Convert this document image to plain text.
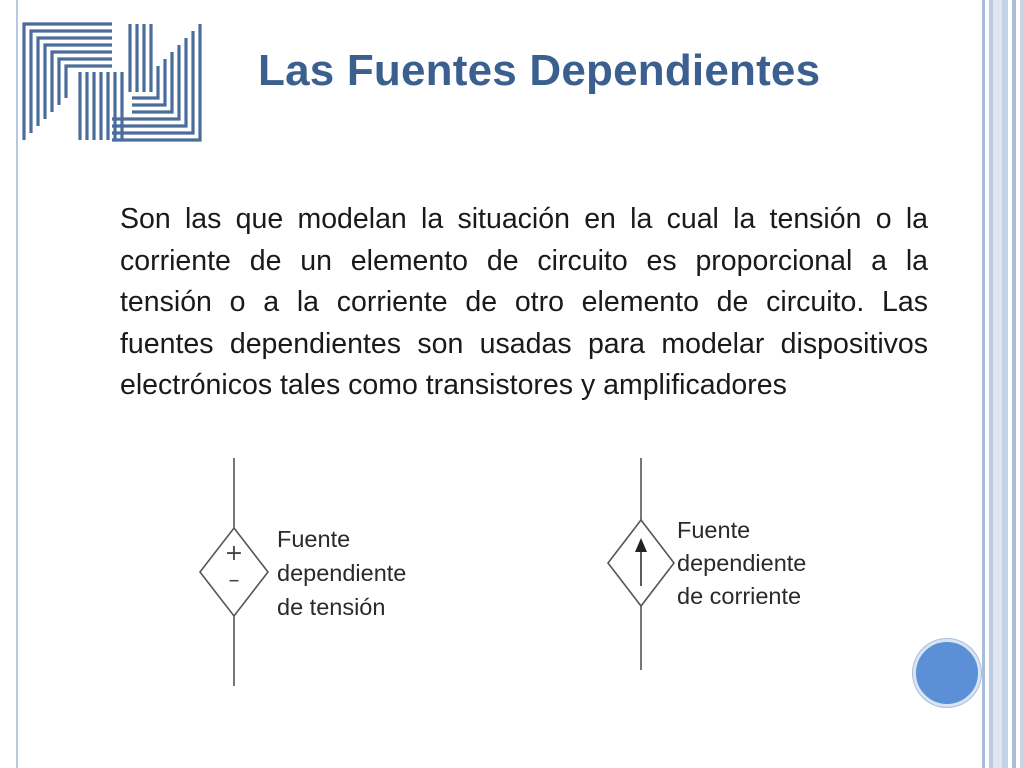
Las Fuentes Dependientes
Son las que modelan la situación en la cual la tensión o la corriente de un elemento de circuito es proporcional a la tensión o a la corriente de otro elemento de circuito. Las fuentes dependientes son usadas para modelar dispositivos electrónicos tales como transistores y amplificadores
+
–
Fuente
dependiente
de tensión
Fuente
dependiente
de corriente
